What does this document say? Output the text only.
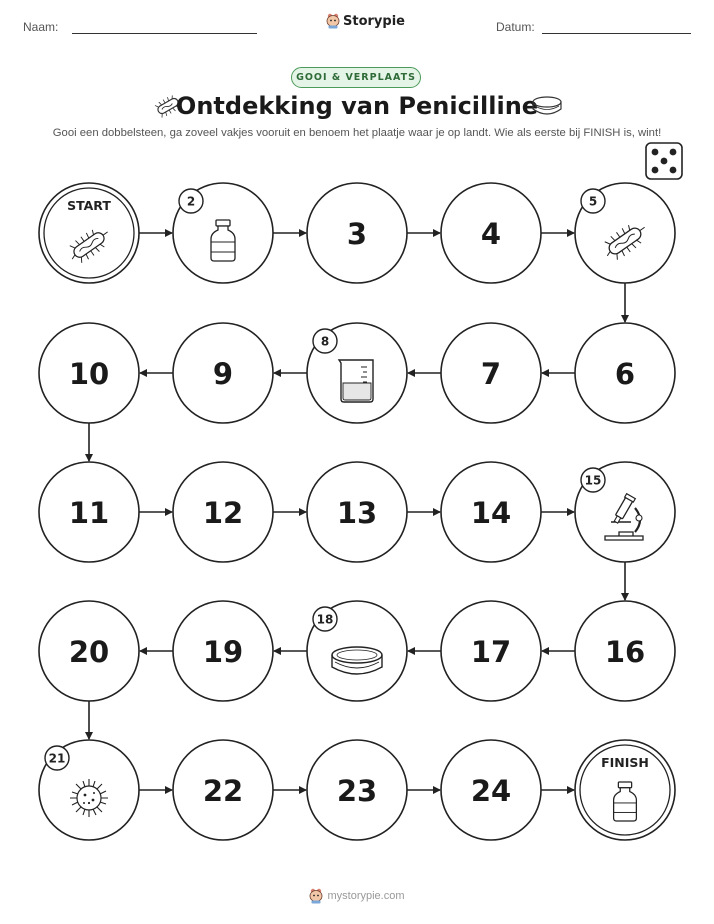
Naam:	Storypie	Datum:
GOOI & VERPLAATS
Ontdekking van Penicilline
Gooi een dobbelsteen, ga zoveel vakjes vooruit en benoem het plaatje waar je op landt. Wie als eerste bij FINISH is, wint!
START	2
3	4
5
6
7
8
9
10
11	12	13	14
15
16
17
18
19
20
21
22	23	24
FINISH
mystorypie.com
